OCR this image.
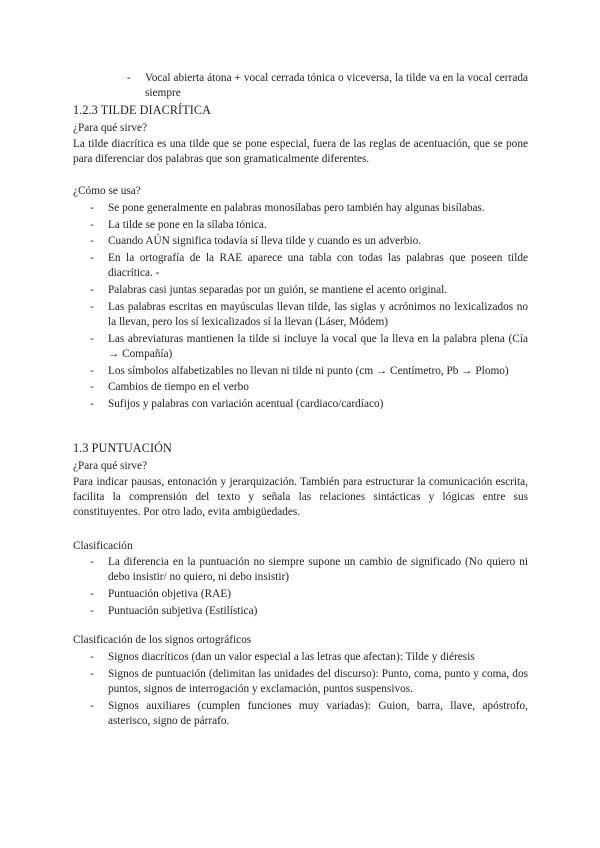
- Vocal abierta átona + vocal cerrada tónica o viceversa, la tilde va en la vocal cerrada siempre
1.2.3 TILDE DIACRÍTICA
¿Para qué sirve?

La tilde diacrítica es una tilde que se pone especial, fuera de las reglas de acentuación, que se pone para diferenciar dos palabras que son gramaticalmente diferentes.

¿Cómo se usa?
- Se pone generalmente en palabras monosílabas pero también hay algunas bisílabas.
- La tilde se pone en la sílaba tónica.
- Cuando AÚN significa todavía sí lleva tilde y cuando es un adverbio.
- En la ortografía de la RAE aparece una tabla con todas las palabras que poseen tilde diacrítica. -
- Palabras casi juntas separadas por un guión, se mantiene el acento original.
- Las palabras escritas en mayúsculas llevan tilde, las siglas y acrónimos no lexicalizados no la llevan, pero los sí lexicalizados sí la llevan (Láser, Módem)
- Las abreviaturas mantienen la tilde si incluye la vocal que la lleva en la palabra plena (Cía → Compañía)
- Los símbolos alfabetizables no llevan ni tilde ni punto (cm → Centímetro, Pb → Plomo)
- Cambios de tiempo en el verbo
- Sufijos y palabras con variación acentual (cardiaco/cardíaco)
1.3 PUNTUACIÓN
¿Para qué sirve?

Para indicar pausas, entonación y jerarquización. También para estructurar la comunicación escrita, facilita la comprensión del texto y señala las relaciones sintácticas y lógicas entre sus constituyentes. Por otro lado, evita ambigüedades.

Clasificación
- La diferencia en la puntuación no siempre supone un cambio de significado (No quiero ni debo insistir/ no quiero, ni debo insistir)
- Puntuación objetiva (RAE)
- Puntuación subjetiva (Estilística)
Clasificación de los signos ortográficos
- Signos diacríticos (dan un valor especial a las letras que afectan): Tilde y diéresis
- Signos de puntuación (delimitan las unidades del discurso): Punto, coma, punto y coma, dos puntos, signos de interrogación y exclamación, puntos suspensivos.
- Signos auxiliares (cumplen funciones muy variadas): Guion, barra, llave, apóstrofo, asterisco, signo de párrafo.
